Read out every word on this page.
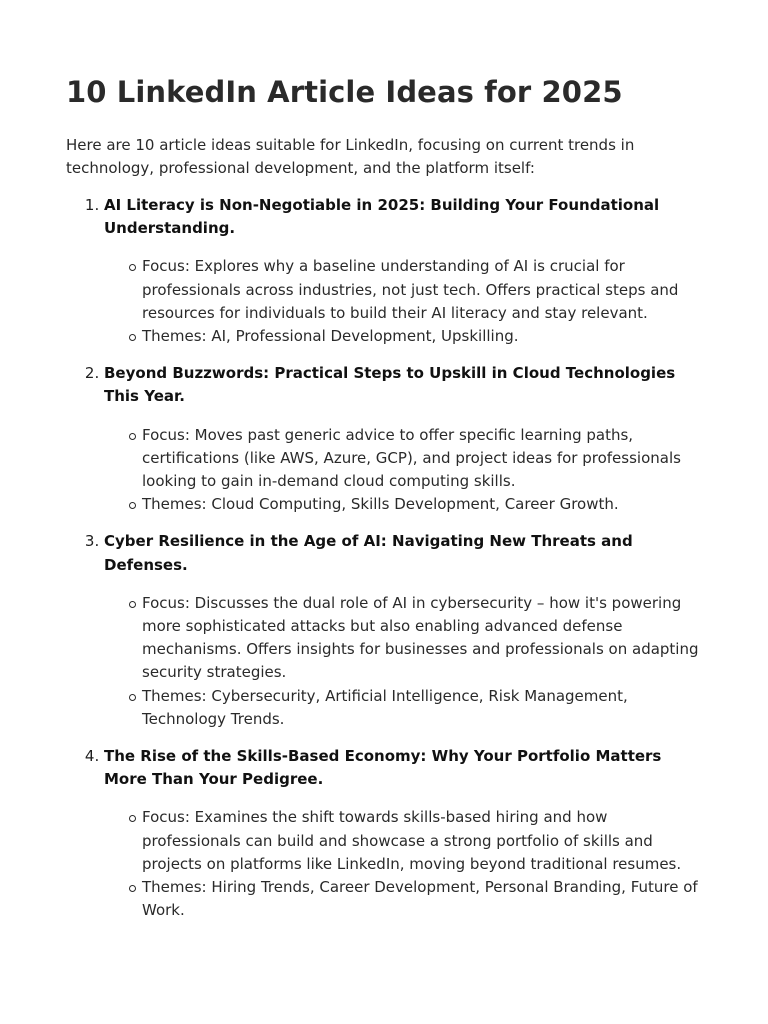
10 LinkedIn Article Ideas for 2025

Here are 10 article ideas suitable for LinkedIn, focusing on current trends in technology, professional development, and the platform itself:

1. AI Literacy is Non-Negotiable in 2025: Building Your Foundational Understanding.
Focus: Explores why a baseline understanding of AI is crucial for professionals across industries, not just tech. Offers practical steps and resources for individuals to build their AI literacy and stay relevant.
Themes: AI, Professional Development, Upskilling.
2. Beyond Buzzwords: Practical Steps to Upskill in Cloud Technologies This Year.
Focus: Moves past generic advice to offer specific learning paths, certifications (like AWS, Azure, GCP), and project ideas for professionals looking to gain in-demand cloud computing skills.
Themes: Cloud Computing, Skills Development, Career Growth.
3. Cyber Resilience in the Age of AI: Navigating New Threats and Defenses.
Focus: Discusses the dual role of AI in cybersecurity – how it's powering more sophisticated attacks but also enabling advanced defense mechanisms. Offers insights for businesses and professionals on adapting security strategies.
Themes: Cybersecurity, Artificial Intelligence, Risk Management, Technology Trends.
4. The Rise of the Skills-Based Economy: Why Your Portfolio Matters More Than Your Pedigree.
Focus: Examines the shift towards skills-based hiring and how professionals can build and showcase a strong portfolio of skills and projects on platforms like LinkedIn, moving beyond traditional resumes.
Themes: Hiring Trends, Career Development, Personal Branding, Future of Work.
